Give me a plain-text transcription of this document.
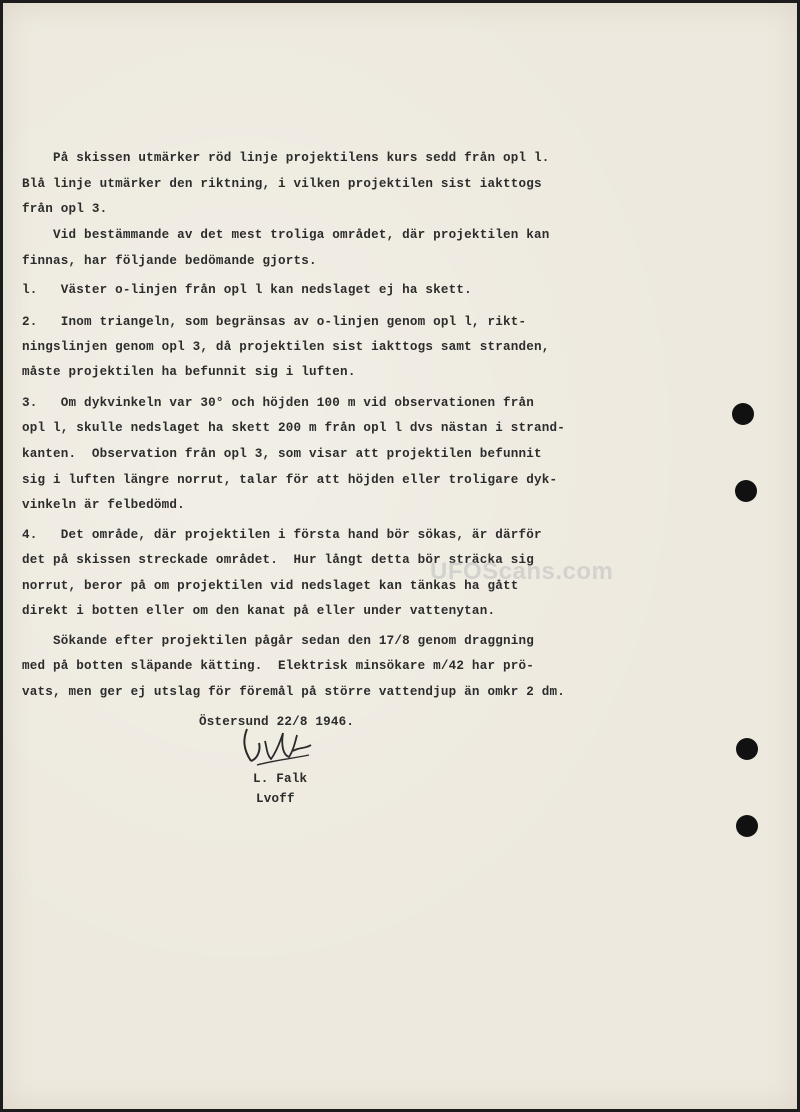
På skissen utmärker röd linje projektilens kurs sedd från opl l.
Blå linje utmärker den riktning, i vilken projektilen sist iakttogs
från opl 3.
Vid bestämmande av det mest troliga området, där projektilen kan
finnas, har följande bedömande gjorts.
l.   Väster o-linjen från opl l kan nedslaget ej ha skett.
2.   Inom triangeln, som begränsas av o-linjen genom opl l, rikt-
ningslinjen genom opl 3, då projektilen sist iakttogs samt stranden,
måste projektilen ha befunnit sig i luften.
3.   Om dykvinkeln var 30° och höjden 100 m vid observationen från
opl l, skulle nedslaget ha skett 200 m från opl l dvs nästan i strand-
kanten.  Observation från opl 3, som visar att projektilen befunnit
sig i luften längre norrut, talar för att höjden eller troligare dyk-
vinkeln är felbedömd.
4.   Det område, där projektilen i första hand bör sökas, är därför
det på skissen streckade området.  Hur långt detta bör sträcka sig
norrut, beror på om projektilen vid nedslaget kan tänkas ha gått
direkt i botten eller om den kanat på eller under vattenytan.
Sökande efter projektilen pågår sedan den 17/8 genom draggning
med på botten släpande kätting.  Elektrisk minsökare m/42 har prö-
vats, men ger ej utslag för föremål på större vattendjup än omkr 2 dm.
Östersund 22/8 1946.
L. Falk
Lvoff
UFOScans.com
